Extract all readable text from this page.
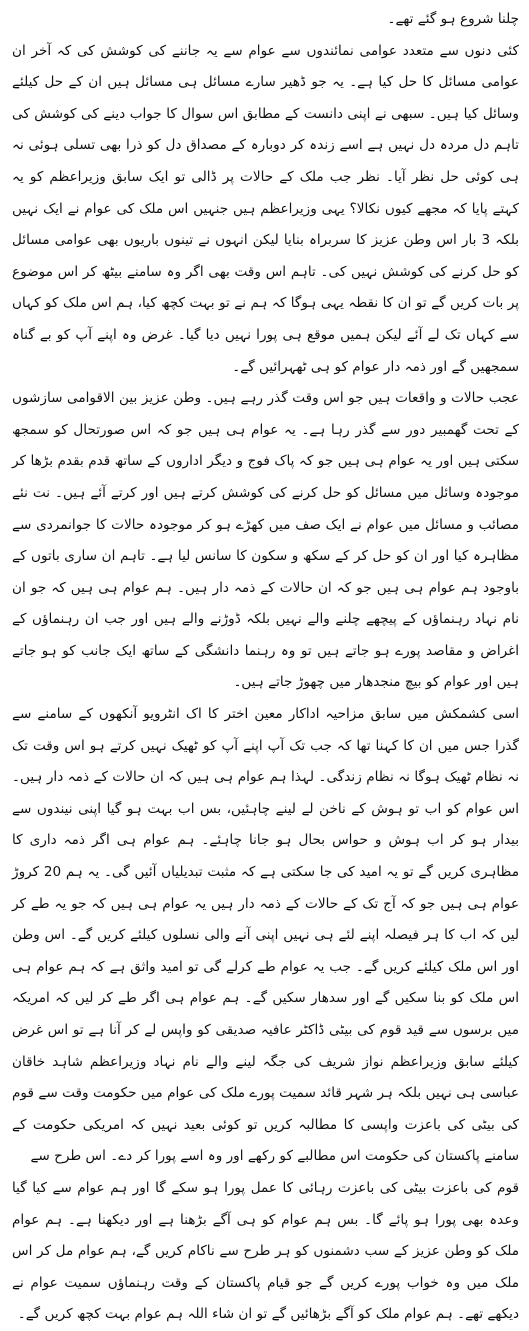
چلنا شروع ہو گئے تھے۔

کئی دنوں سے متعدد عوامی نمائندوں سے عوام سے یہ جاننے کی کوشش کی کہ آخر ان عوامی مسائل کا حل کیا ہے۔ یہ جو ڈھیر سارے مسائل ہی مسائل ہیں ان کے حل کیلئے وسائل کیا ہیں۔ سبھی نے اپنی دانست کے مطابق اس سوال کا جواب دینے کی کوشش کی تاہم دل مردہ دل نہیں ہے اسے زندہ کر دوبارہ کے مصداق دل کو ذرا بھی تسلی ہوئی نہ ہی کوئی حل نظر آیا۔ نظر جب ملک کے حالات پر ڈالی تو ایک سابق وزیراعظم کو یہ کہتے پایا کہ مجھے کیوں نکالا؟ یہی وزیراعظم ہیں جنہیں اس ملک کی عوام نے ایک نہیں بلکہ 3 بار اس وطن عزیز کا سربراہ بنایا لیکن انہوں نے تینوں باریوں بھی عوامی مسائل کو حل کرنے کی کوشش نہیں کی۔ تاہم اس وقت بھی اگر وہ سامنے بیٹھ کر اس موضوع پر بات کریں گے تو ان کا نقطہ یہی ہوگا کہ ہم نے تو بہت کچھ کیا، ہم اس ملک کو کہاں سے کہاں تک لے آئے لیکن ہمیں موقع ہی پورا نہیں دیا گیا۔ غرض وہ اپنے آپ کو بے گناہ سمجھیں گے اور ذمہ دار عوام کو ہی ٹھہرائیں گے۔

عجب حالات و واقعات ہیں جو اس وقت گذر رہے ہیں۔ وطن عزیز بین الاقوامی سازشوں کے تحت گھمبیر دور سے گذر رہا ہے۔ یہ عوام ہی ہیں جو کہ اس صورتحال کو سمجھ سکتی ہیں اور یہ عوام ہی ہیں جو کہ پاک فوج و دیگر اداروں کے ساتھ قدم بقدم بڑھا کر موجودہ وسائل میں مسائل کو حل کرنے کی کوشش کرتے ہیں اور کرتے آئے ہیں۔ نت نئے مصائب و مسائل میں عوام نے ایک صف میں کھڑے ہو کر موجودہ حالات کا جوانمردی سے مظاہرہ کیا اور ان کو حل کر کے سکھ و سکون کا سانس لیا ہے۔ تاہم ان ساری باتوں کے باوجود ہم عوام ہی ہیں جو کہ ان حالات کے ذمہ دار ہیں۔ ہم عوام ہی ہیں کہ جو ان نام نہاد رہنماؤں کے پیچھے چلنے والے نہیں بلکہ ڈوڑنے والے ہیں اور جب ان رہنماؤں کے اغراض و مقاصد پورے ہو جاتے ہیں تو وہ رہنما دانشگی کے ساتھ ایک جانب کو ہو جاتے ہیں اور عوام کو بیچ منجدھار میں چھوڑ جاتے ہیں۔

اسی کشمکش میں سابق مزاحیہ اداکار معین اختر کا اک انٹرویو آنکھوں کے سامنے سے گذرا جس میں ان کا کہنا تھا کہ جب تک آپ اپنے آپ کو ٹھیک نہیں کرتے ہو اس وقت تک نہ نظام ٹھیک ہوگا نہ نظام زندگی۔ لہذا ہم عوام ہی ہیں کہ ان حالات کے ذمہ دار ہیں۔ اس عوام کو اب تو ہوش کے ناخن لے لینے چاہئیں، بس اب بہت ہو گیا اپنی نیندوں سے بیدار ہو کر اب ہوش و حواس بحال ہو جانا چاہئے۔ ہم عوام ہی اگر ذمہ داری کا مظاہری کریں گے تو یہ امید کی جا سکتی ہے کہ مثبت تبدیلیاں آئیں گی۔ یہ ہم 20 کروڑ عوام ہی ہیں جو کہ آج تک کے حالات کے ذمہ دار ہیں یہ عوام ہی ہیں کہ جو یہ طے کر لیں کہ اب کا ہر فیصلہ اپنے لئے ہی نہیں اپنی آنے والی نسلوں کیلئے کریں گے۔ اس وطن اور اس ملک کیلئے کریں گے۔ جب یہ عوام طے کرلے گی تو امید واثق ہے کہ ہم عوام ہی اس ملک کو بنا سکیں گے اور سدھار سکیں گے۔ ہم عوام ہی اگر طے کر لیں کہ امریکہ میں برسوں سے قید قوم کی بیٹی ڈاکٹر عافیہ صدیقی کو واپس لے کر آنا ہے تو اس غرض کیلئے سابق وزیراعظم نواز شریف کی جگہ لینے والے نام نہاد وزیراعظم شاہد خاقان عباسی ہی نہیں بلکہ ہر شہر قائد سمیت پورے ملک کی عوام میں حکومت وقت سے قوم کی بیٹی کی باعزت واپسی کا مطالبہ کریں تو کوئی بعید نہیں کہ امریکی حکومت کے سامنے پاکستان کی حکومت اس مطالبے کو رکھے اور وہ اسے پورا کر دے۔ اس طرح سے

قوم کی باعزت بیٹی کی باعزت رہائی کا عمل پورا ہو سکے گا اور ہم عوام سے کیا گیا وعدہ بھی پورا ہو پائے گا۔ بس ہم عوام کو ہی آگے بڑھنا ہے اور دیکھنا ہے۔ ہم عوام ملک کو وطن عزیز کے سب دشمنوں کو ہر طرح سے ناکام کریں گے، ہم عوام مل کر اس ملک میں وہ خواب پورے کریں گے جو قیام پاکستان کے وقت رہنماؤں سمیت عوام نے دیکھے تھے۔ ہم عوام ملک کو آگے بڑھائیں گے تو ان شاء اللہ ہم عوام بہت کچھ کریں گے۔
